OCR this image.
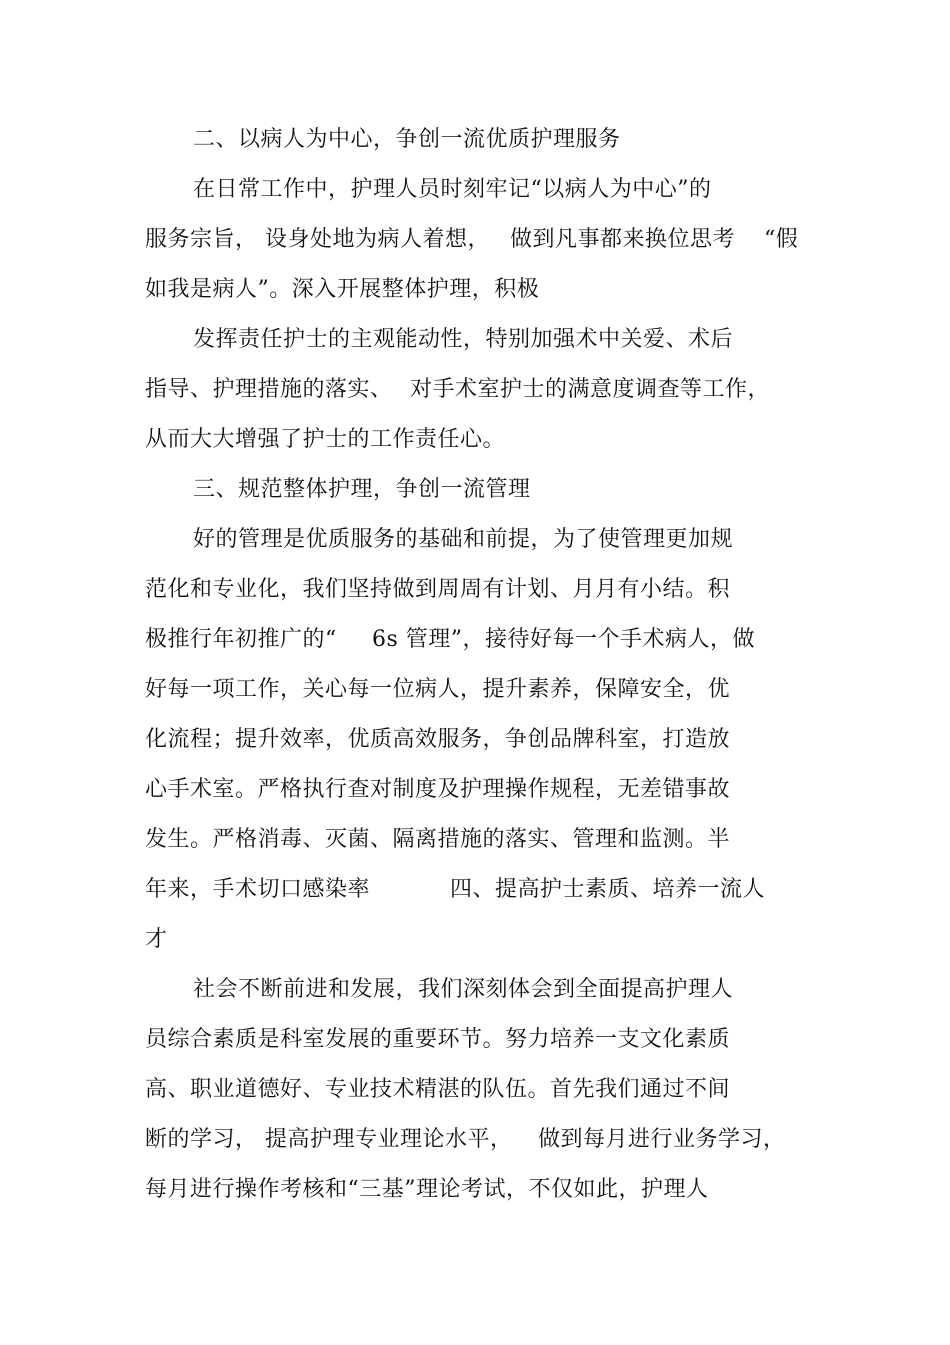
二、以病人为中心，争创一流优质护理服务
在日常工作中，护理人员时刻牢记“以病人为中心”的
服务宗旨， 设身处地为病人着想， 做到凡事都来换位思考 “假
如我是病人”。深入开展整体护理，积极
发挥责任护士的主观能动性，特别加强术中关爱、术后
指导、护理措施的落实、 对手术室护士的满意度调查等工作，
从而大大增强了护士的工作责任心。
三、规范整体护理，争创一流管理
好的管理是优质服务的基础和前提，为了使管理更加规
范化和专业化，我们坚持做到周周有计划、月月有小结。积
极推行年初推广的“ 6s 管理”，接待好每一个手术病人，做
好每一项工作，关心每一位病人，提升素养，保障安全，优
化流程；提升效率，优质高效服务，争创品牌科室，打造放
心手术室。严格执行查对制度及护理操作规程，无差错事故
发生。严格消毒、灭菌、隔离措施的落实、管理和监测。半
年来，手术切口感染率	四、提高护士素质、培养一流人
才
社会不断前进和发展，我们深刻体会到全面提高护理人
员综合素质是科室发展的重要环节。努力培养一支文化素质
高、职业道德好、专业技术精湛的队伍。首先我们通过不间
断的学习， 提高护理专业理论水平， 做到每月进行业务学习，
每月进行操作考核和“三基”理论考试，不仅如此，护理人
